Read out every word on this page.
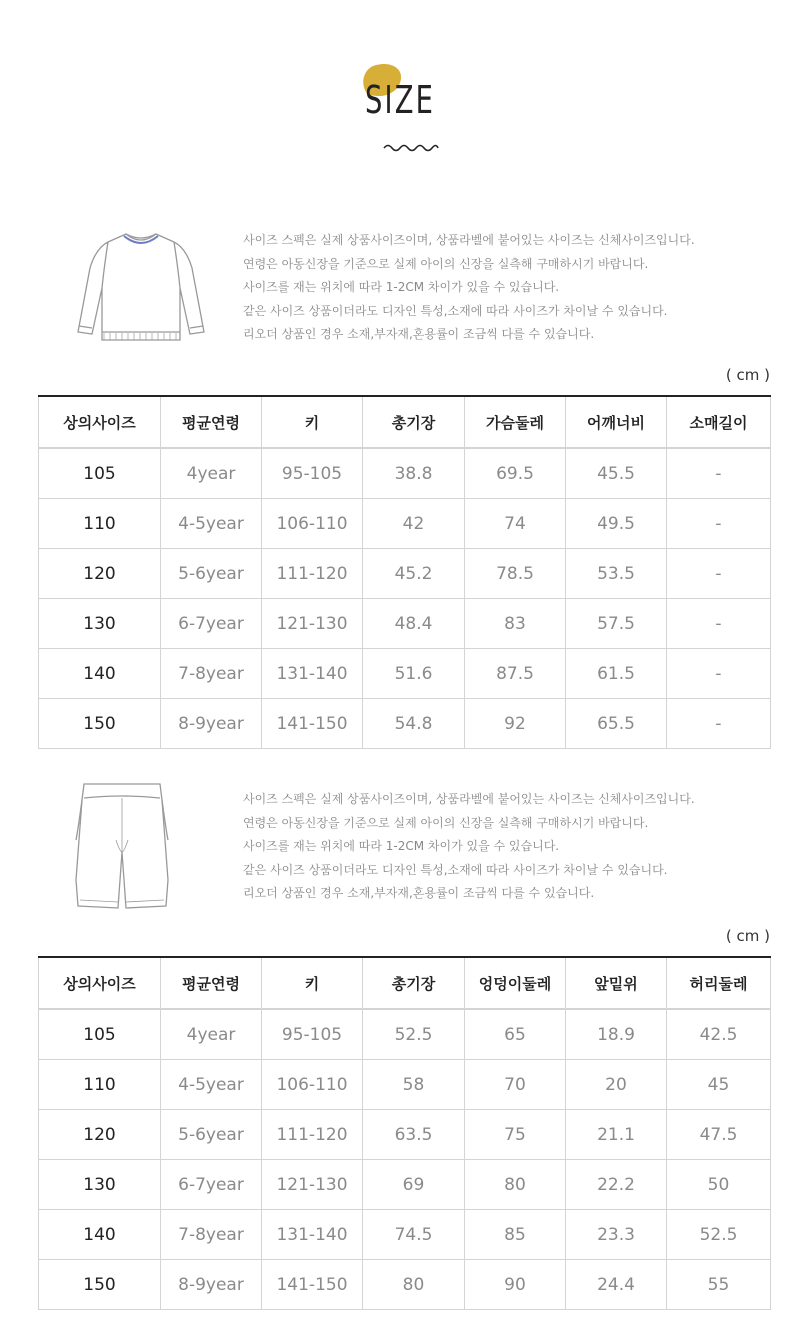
SIZE
사이즈 스펙은 실제 상품사이즈이며, 상품라벨에 붙어있는 사이즈는 신체사이즈입니다.
연령은 아동신장을 기준으로 실제 아이의 신장을 실측해 구매하시기 바랍니다.
사이즈를 재는 위치에 따라 1-2CM 차이가 있을 수 있습니다.
같은 사이즈 상품이더라도 디자인 특성,소재에 따라 사이즈가 차이날 수 있습니다.
리오더 상품인 경우 소재,부자재,혼용률이 조금씩 다를 수 있습니다.
( cm )
상의사이즈	평균연령	키	총기장	가슴둘레	어깨너비	소매길이
105	4year	95-105	38.8	69.5	45.5	-
110	4-5year	106-110	42	74	49.5	-
120	5-6year	111-120	45.2	78.5	53.5	-
130	6-7year	121-130	48.4	83	57.5	-
140	7-8year	131-140	51.6	87.5	61.5	-
150	8-9year	141-150	54.8	92	65.5	-
사이즈 스펙은 실제 상품사이즈이며, 상품라벨에 붙어있는 사이즈는 신체사이즈입니다.
연령은 아동신장을 기준으로 실제 아이의 신장을 실측해 구매하시기 바랍니다.
사이즈를 재는 위치에 따라 1-2CM 차이가 있을 수 있습니다.
같은 사이즈 상품이더라도 디자인 특성,소재에 따라 사이즈가 차이날 수 있습니다.
리오더 상품인 경우 소재,부자재,혼용률이 조금씩 다를 수 있습니다.
( cm )
상의사이즈	평균연령	키	총기장	엉덩이둘레	앞밑위	허리둘레
105	4year	95-105	52.5	65	18.9	42.5
110	4-5year	106-110	58	70	20	45
120	5-6year	111-120	63.5	75	21.1	47.5
130	6-7year	121-130	69	80	22.2	50
140	7-8year	131-140	74.5	85	23.3	52.5
150	8-9year	141-150	80	90	24.4	55
